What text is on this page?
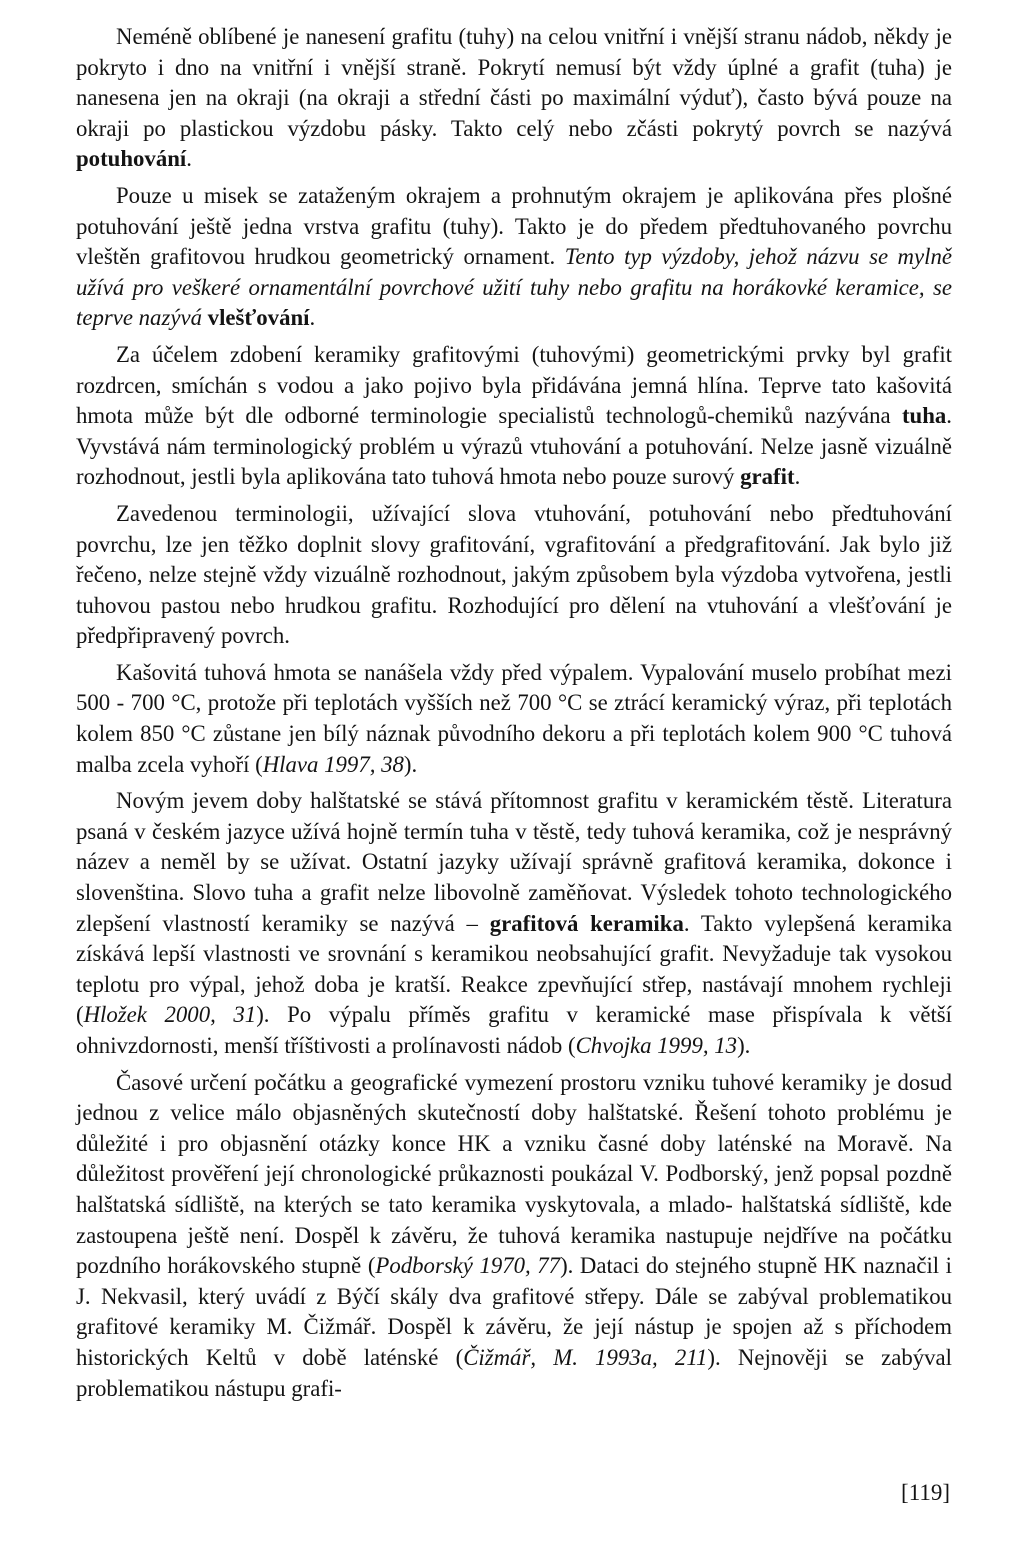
Neméně oblíbené je nanesení grafitu (tuhy) na celou vnitřní i vnější stranu nádob, někdy je pokryto i dno na vnitřní i vnější straně. Pokrytí nemusí být vždy úplné a grafit (tuha) je nanesena jen na okraji (na okraji a střední části po maximální výduť), často bývá pouze na okraji po plastickou výzdobu pásky. Takto celý nebo zčásti pokrytý povrch se nazývá potuhování.

Pouze u misek se zataženým okrajem a prohnutým okrajem je aplikována přes plošné potuhování ještě jedna vrstva grafitu (tuhy). Takto je do předem předtuhovaného povrchu vleštěn grafitovou hrudkou geometrický ornament. Tento typ výzdoby, jehož názvu se mylně užívá pro veškeré ornamentální povrchové užití tuhy nebo grafitu na horákovké keramice, se teprve nazývá vlešťování.

Za účelem zdobení keramiky grafitovými (tuhovými) geometrickými prvky byl grafit rozdrcen, smíchán s vodou a jako pojivo byla přidávána jemná hlína. Teprve tato kašovitá hmota může být dle odborné terminologie specialistů technologů-chemiků nazývána tuha. Vyvstává nám terminologický problém u výrazů vtuhování a potuhování. Nelze jasně vizuálně rozhodnout, jestli byla aplikována tato tuhová hmota nebo pouze surový grafit.

Zavedenou terminologii, užívající slova vtuhování, potuhování nebo předtuhování povrchu, lze jen těžko doplnit slovy grafitování, vgrafitování a předgrafitování. Jak bylo již řečeno, nelze stejně vždy vizuálně rozhodnout, jakým způsobem byla výzdoba vytvořena, jestli tuhovou pastou nebo hrudkou grafitu. Rozhodující pro dělení na vtuhování a vlešťování je předpřipravený povrch.

Kašovitá tuhová hmota se nanášela vždy před výpalem. Vypalování muselo probíhat mezi 500 - 700 °C, protože při teplotách vyšších než 700 °C se ztrácí keramický výraz, při teplotách kolem 850 °C zůstane jen bílý náznak původního dekoru a při teplotách kolem 900 °C tuhová malba zcela vyhoří (Hlava 1997, 38).

Novým jevem doby halštatské se stává přítomnost grafitu v keramickém těstě. Literatura psaná v českém jazyce užívá hojně termín tuha v těstě, tedy tuhová keramika, což je nesprávný název a neměl by se užívat. Ostatní jazyky užívají správně grafitová keramika, dokonce i slovenština. Slovo tuha a grafit nelze libovolně zaměňovat. Výsledek tohoto technologického zlepšení vlastností keramiky se nazývá – grafitová keramika. Takto vylepšená keramika získává lepší vlastnosti ve srovnání s keramikou neobsahující grafit. Nevyžaduje tak vysokou teplotu pro výpal, jehož doba je kratší. Reakce zpevňující střep, nastávají mnohem rychleji (Hložek 2000, 31). Po výpalu příměs grafitu v keramické mase přispívala k větší ohnivzdornosti, menší tříštivosti a prolínavosti nádob (Chvojka 1999, 13).

Časové určení počátku a geografické vymezení prostoru vzniku tuhové keramiky je dosud jednou z velice málo objasněných skutečností doby halštatské. Řešení tohoto problému je důležité i pro objasnění otázky konce HK a vzniku časné doby laténské na Moravě. Na důležitost prověření její chronologické průkaznosti poukázal V. Podborský, jenž popsal pozdně halštatská sídliště, na kterých se tato keramika vyskytovala, a mlado- halštatská sídliště, kde zastoupena ještě není. Dospěl k závěru, že tuhová keramika nastupuje nejdříve na počátku pozdního horákovského stupně (Podborský 1970, 77). Dataci do stejného stupně HK naznačil i J. Nekvasil, který uvádí z Býčí skály dva grafitové střepy. Dále se zabýval problematikou grafitové keramiky M. Čižmář. Dospěl k závěru, že její nástup je spojen až s příchodem historických Keltů v době laténské (Čižmář, M. 1993a, 211). Nejnověji se zabýval problematikou nástupu grafi-

[119]
